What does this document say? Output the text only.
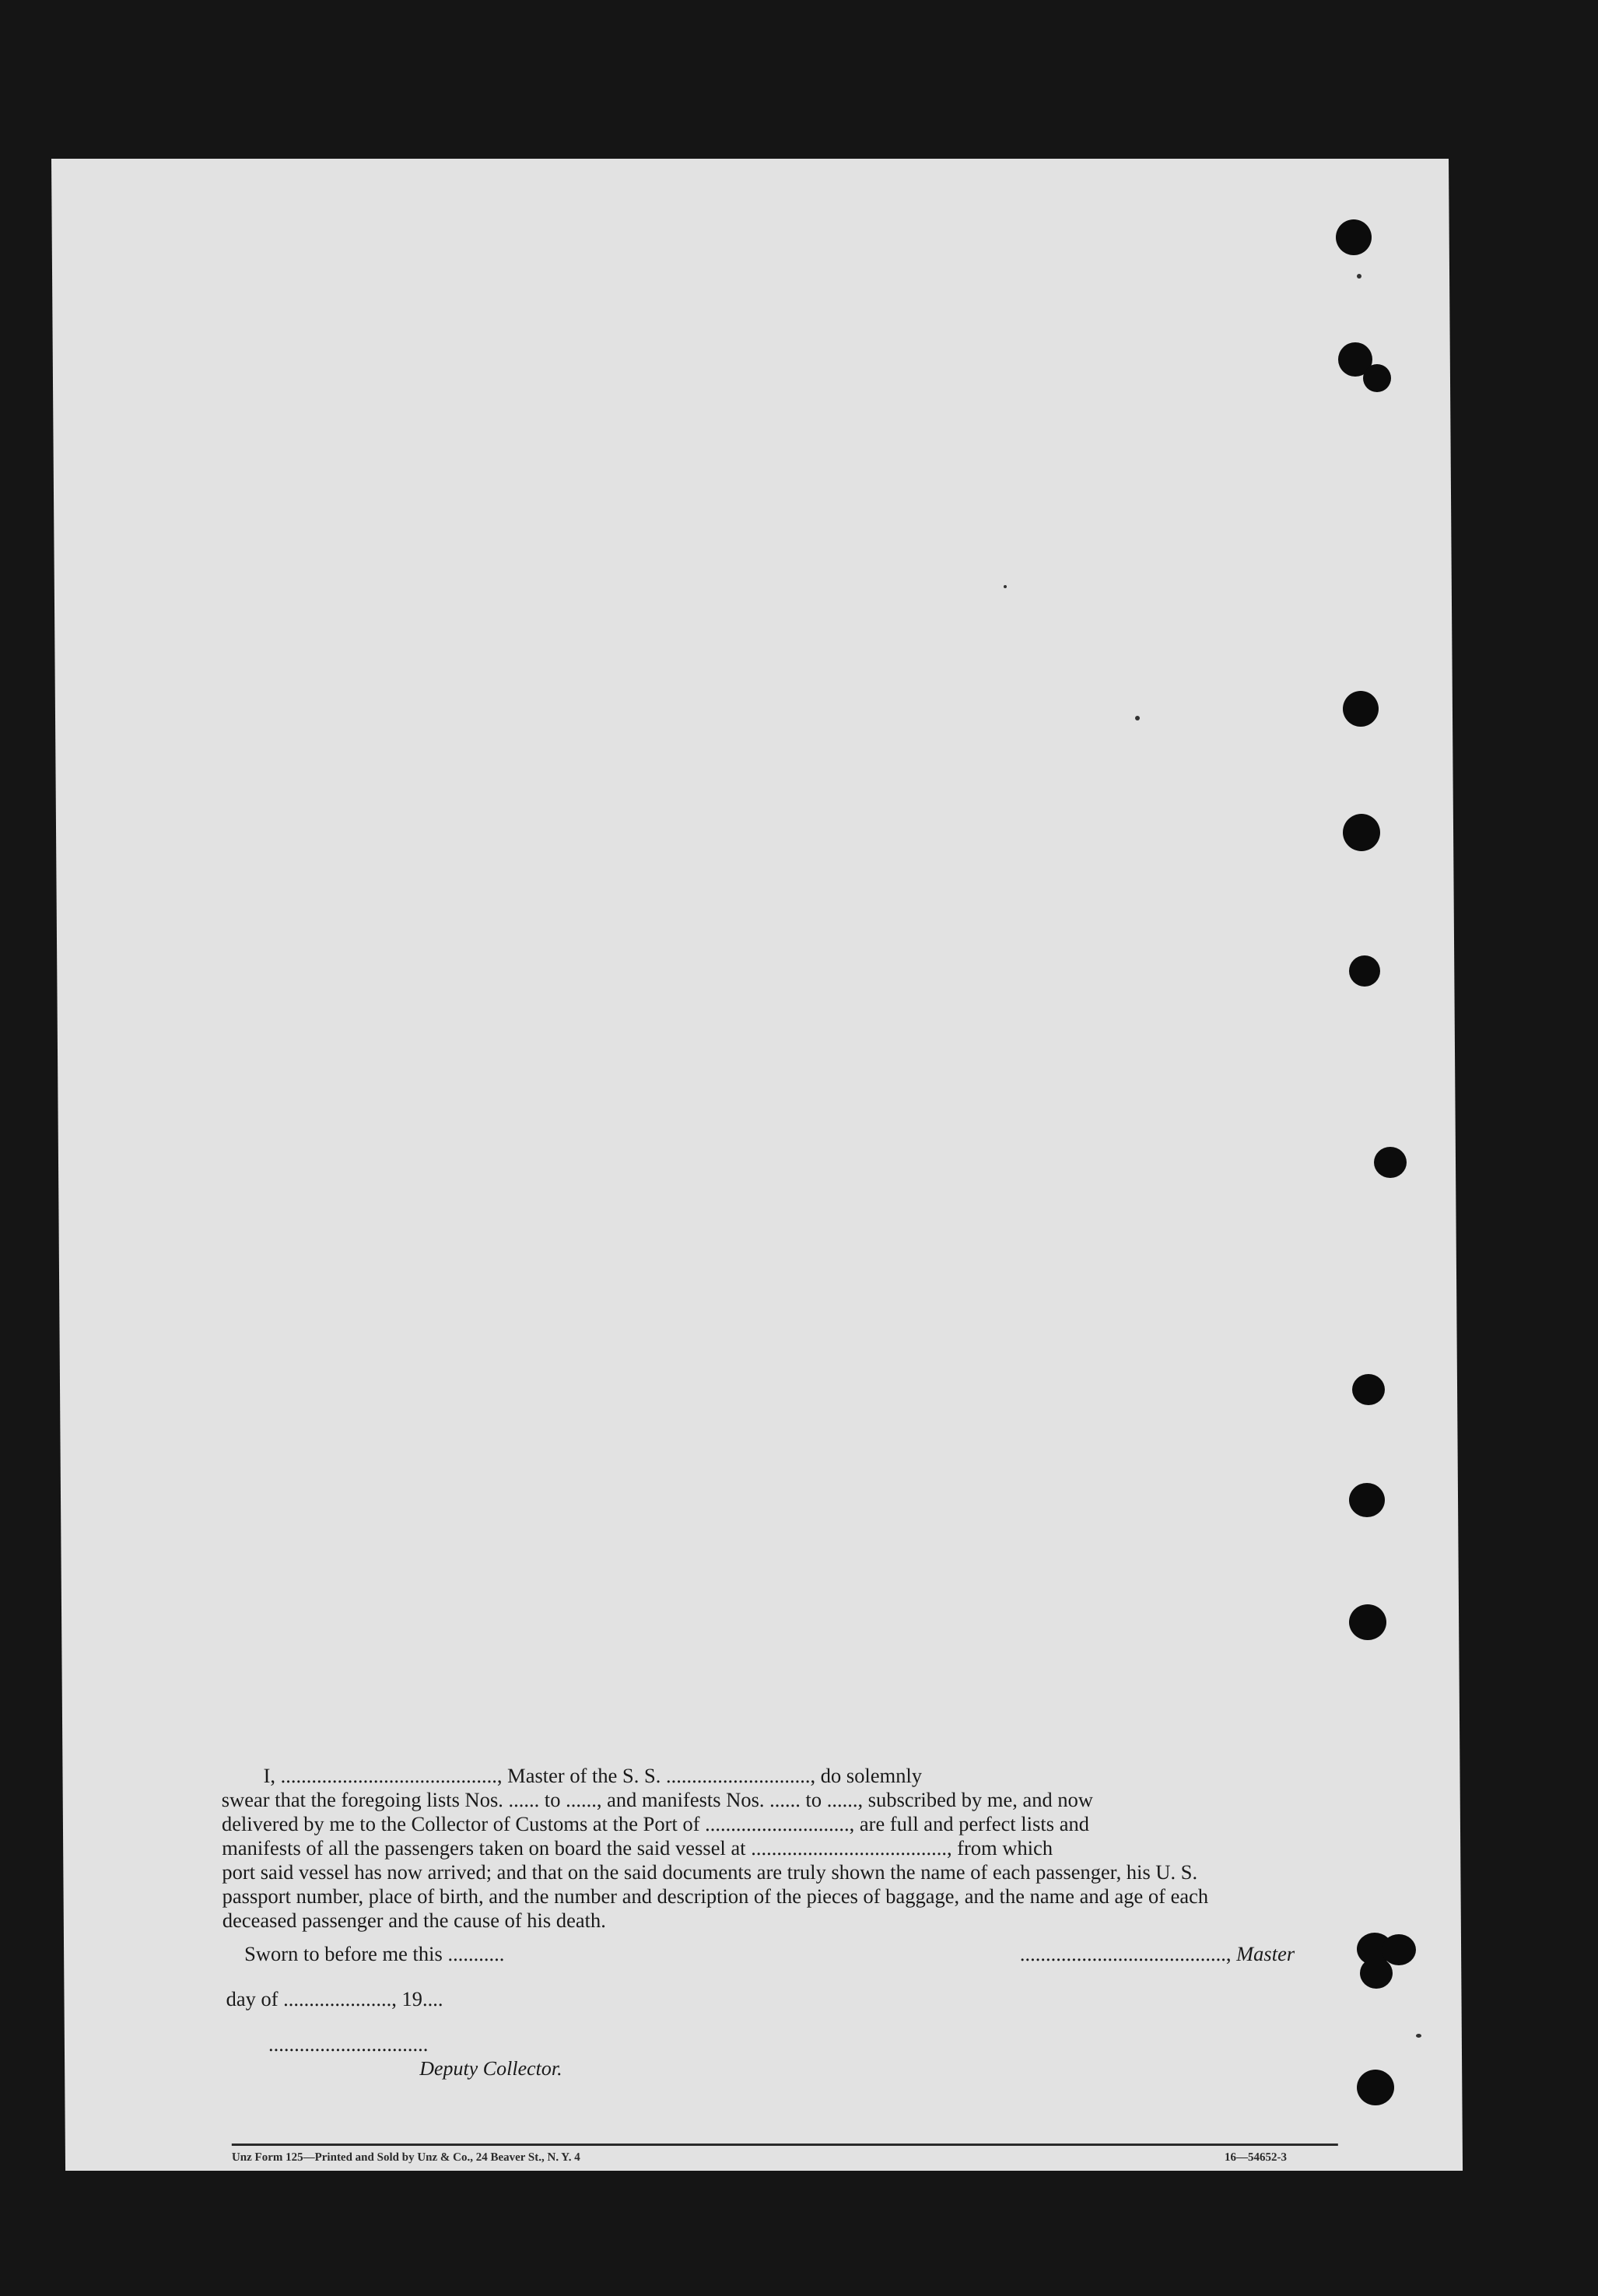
I, .........................................., Master of the S. S. ............................, do solemnly

swear that the foregoing lists Nos. ...... to ......, and manifests Nos. ...... to ......, subscribed by me, and now

delivered by me to the Collector of Customs at the Port of ............................, are full and perfect lists and

manifests of all the passengers taken on board the said vessel at ......................................, from which

port said vessel has now arrived; and that on the said documents are truly shown the name of each passenger, his U. S.

passport number, place of birth, and the number and description of the pieces of baggage, and the name and age of each

deceased passenger and the cause of his death.

Sworn to before me this ...........	........................................, Master
day of ....................., 19....
...............................
Deputy Collector.
Unz Form 125—Printed and Sold by Unz & Co., 24 Beaver St., N. Y. 4	16—54652-3
